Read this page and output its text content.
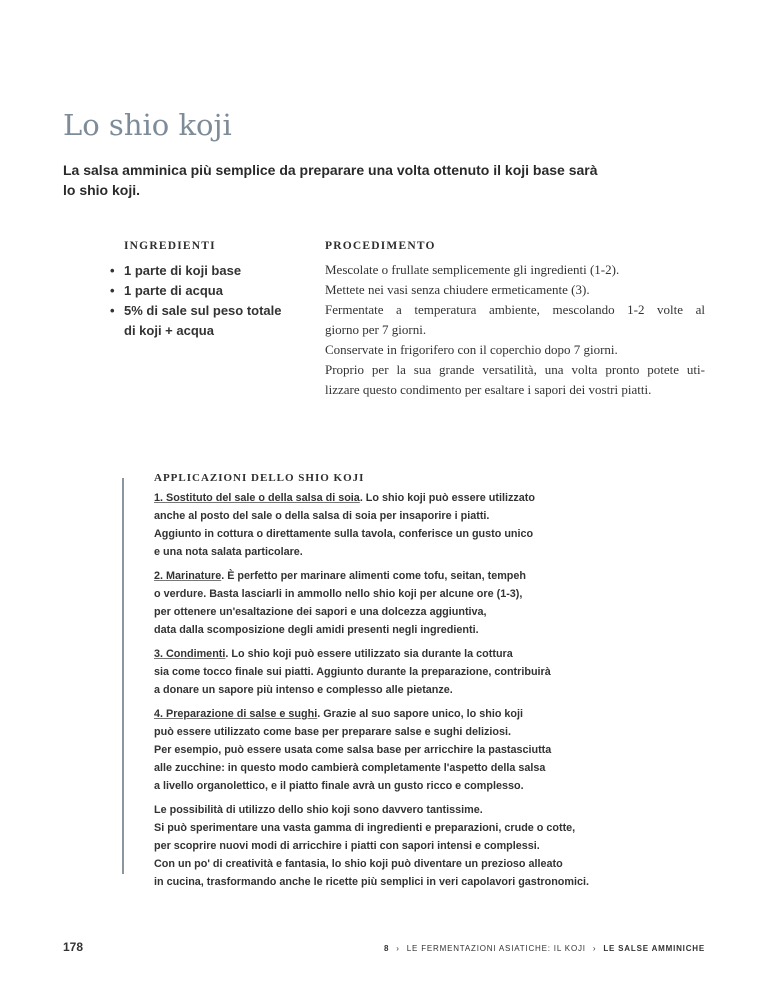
Lo shio koji

La salsa amminica più semplice da preparare una volta ottenuto il koji base sarà
lo shio koji.

INGREDIENTI
• 1 parte di koji base
• 1 parte di acqua
• 5% di sale sul peso totale
di koji + acqua
PROCEDIMENTO

Mescolate o frullate semplicemente gli ingredienti (1-2).
Mettete nei vasi senza chiudere ermeticamente (3).
Fermentate a temperatura ambiente, mescolando 1-2 volte al
giorno per 7 giorni.
Conservate in frigorifero con il coperchio dopo 7 giorni.
Proprio per la sua grande versatilità, una volta pronto potete uti-
lizzare questo condimento per esaltare i sapori dei vostri piatti.

APPLICAZIONI DELLO SHIO KOJI

1. Sostituto del sale o della salsa di soia. Lo shio koji può essere utilizzato
anche al posto del sale o della salsa di soia per insaporire i piatti.
Aggiunto in cottura o direttamente sulla tavola, conferisce un gusto unico
e una nota salata particolare.

2. Marinature. È perfetto per marinare alimenti come tofu, seitan, tempeh
o verdure. Basta lasciarli in ammollo nello shio koji per alcune ore (1-3),
per ottenere un'esaltazione dei sapori e una dolcezza aggiuntiva,
data dalla scomposizione degli amidi presenti negli ingredienti.

3. Condimenti. Lo shio koji può essere utilizzato sia durante la cottura
sia come tocco finale sui piatti. Aggiunto durante la preparazione, contribuirà
a donare un sapore più intenso e complesso alle pietanze.

4. Preparazione di salse e sughi. Grazie al suo sapore unico, lo shio koji
può essere utilizzato come base per preparare salse e sughi deliziosi.
Per esempio, può essere usata come salsa base per arricchire la pastasciutta
alle zucchine: in questo modo cambierà completamente l'aspetto della salsa
a livello organolettico, e il piatto finale avrà un gusto ricco e complesso.

Le possibilità di utilizzo dello shio koji sono davvero tantissime.
Si può sperimentare una vasta gamma di ingredienti e preparazioni, crude o cotte,
per scoprire nuovi modi di arricchire i piatti con sapori intensi e complessi.
Con un po' di creatività e fantasia, lo shio koji può diventare un prezioso alleato
in cucina, trasformando anche le ricette più semplici in veri capolavori gastronomici.

178	8 › LE FERMENTAZIONI ASIATICHE: IL KOJI › LE SALSE AMMINICHE
